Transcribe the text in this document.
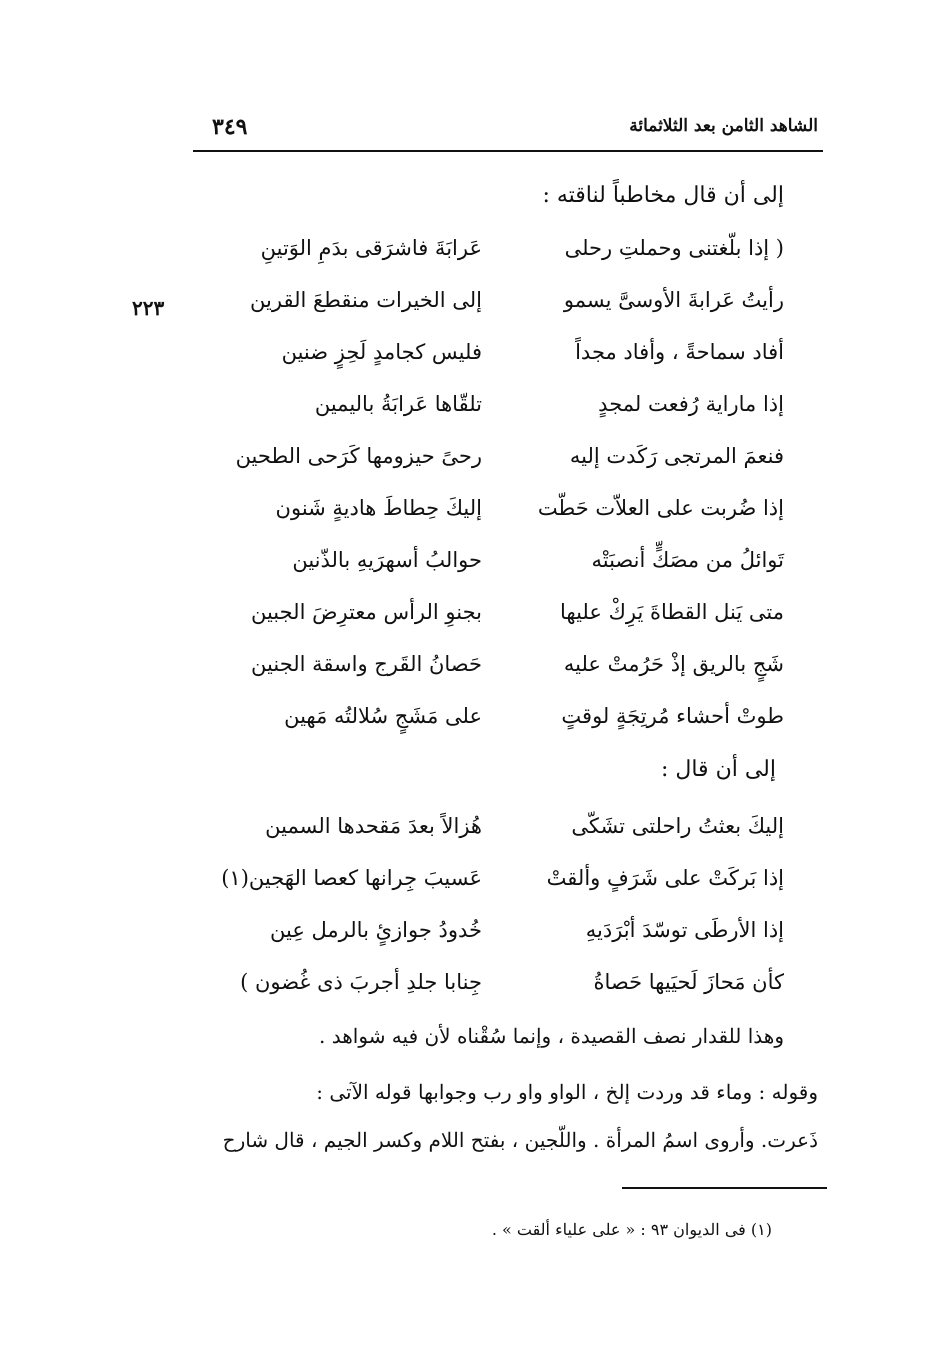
الشاهد الثامن بعد الثلاثمائة
٣٤٩
إلى أن قال مخاطباً لناقته :
٢٢٣
( إذا بلّغتنى وحملتِ رحلى
عَرابَةَ فاشرَقى بدَمِ الوَتينِ
رأيتُ عَرابةَ الأوسىَّ يسمو
إلى الخيرات منقطعَ القرين
أفاد سماحةً ، وأفاد مجداً
فليس كجامدٍ لَحِزٍ ضنين
إذا ماراية رُفعت لمجدٍ
تلقّاها عَرابَةُ باليمين
فنعمَ المرتجى رَكَدت إليه
رحىً حيزومها كَرَحى الطحين
إذا ضُربت على العلاّت حَطّت
إليكَ حِطاطَ هاديةٍ شَنون
تَوائلُ من مصَكٍّ أنصبَتْه
حوالبُ أسهرَيهِ بالذّنين
متى يَنل القطاةَ يَرِكْ عليها
بجنوِ الرأس معترِضَ الجبين
شَجٍ بالريق إذْ حَرُمتْ عليه
حَصانُ القَرج واسقة الجنين
طوتْ أحشاء مُرتِجَةٍ لوقتٍ
على مَشَجٍ سُلالتُه مَهين
إلى أن قال :
إليكَ بعثتُ راحلتى تشَكّى
هُزالاً بعدَ مَقحدها السمين
إذا بَركَتْ على شَرَفٍ وألقتْ
عَسيبَ جِرانها كعصا الهَجين(١)
إذا الأرطَى توسّدَ أبْرَدَيهِ
خُدودُ جوازئٍ بالرمل عِين
كأن مَحازَ لَحيَيها حَصاةُ
جِنابا جلدِ أجربَ ذى غُضون )
وهذا للقدار نصف القصيدة ، وإنما سُقْناه لأن فيه شواهد .
وقوله : وماء قد وردت إلخ ، الواو واو رب وجوابها قوله الآتى :
ذَعرت. وأروى اسمُ المرأة . واللّجين ، بفتح اللام وكسر الجيم ، قال شارح
(١) فى الديوان ٩٣ : « على علياء ألقت » .
